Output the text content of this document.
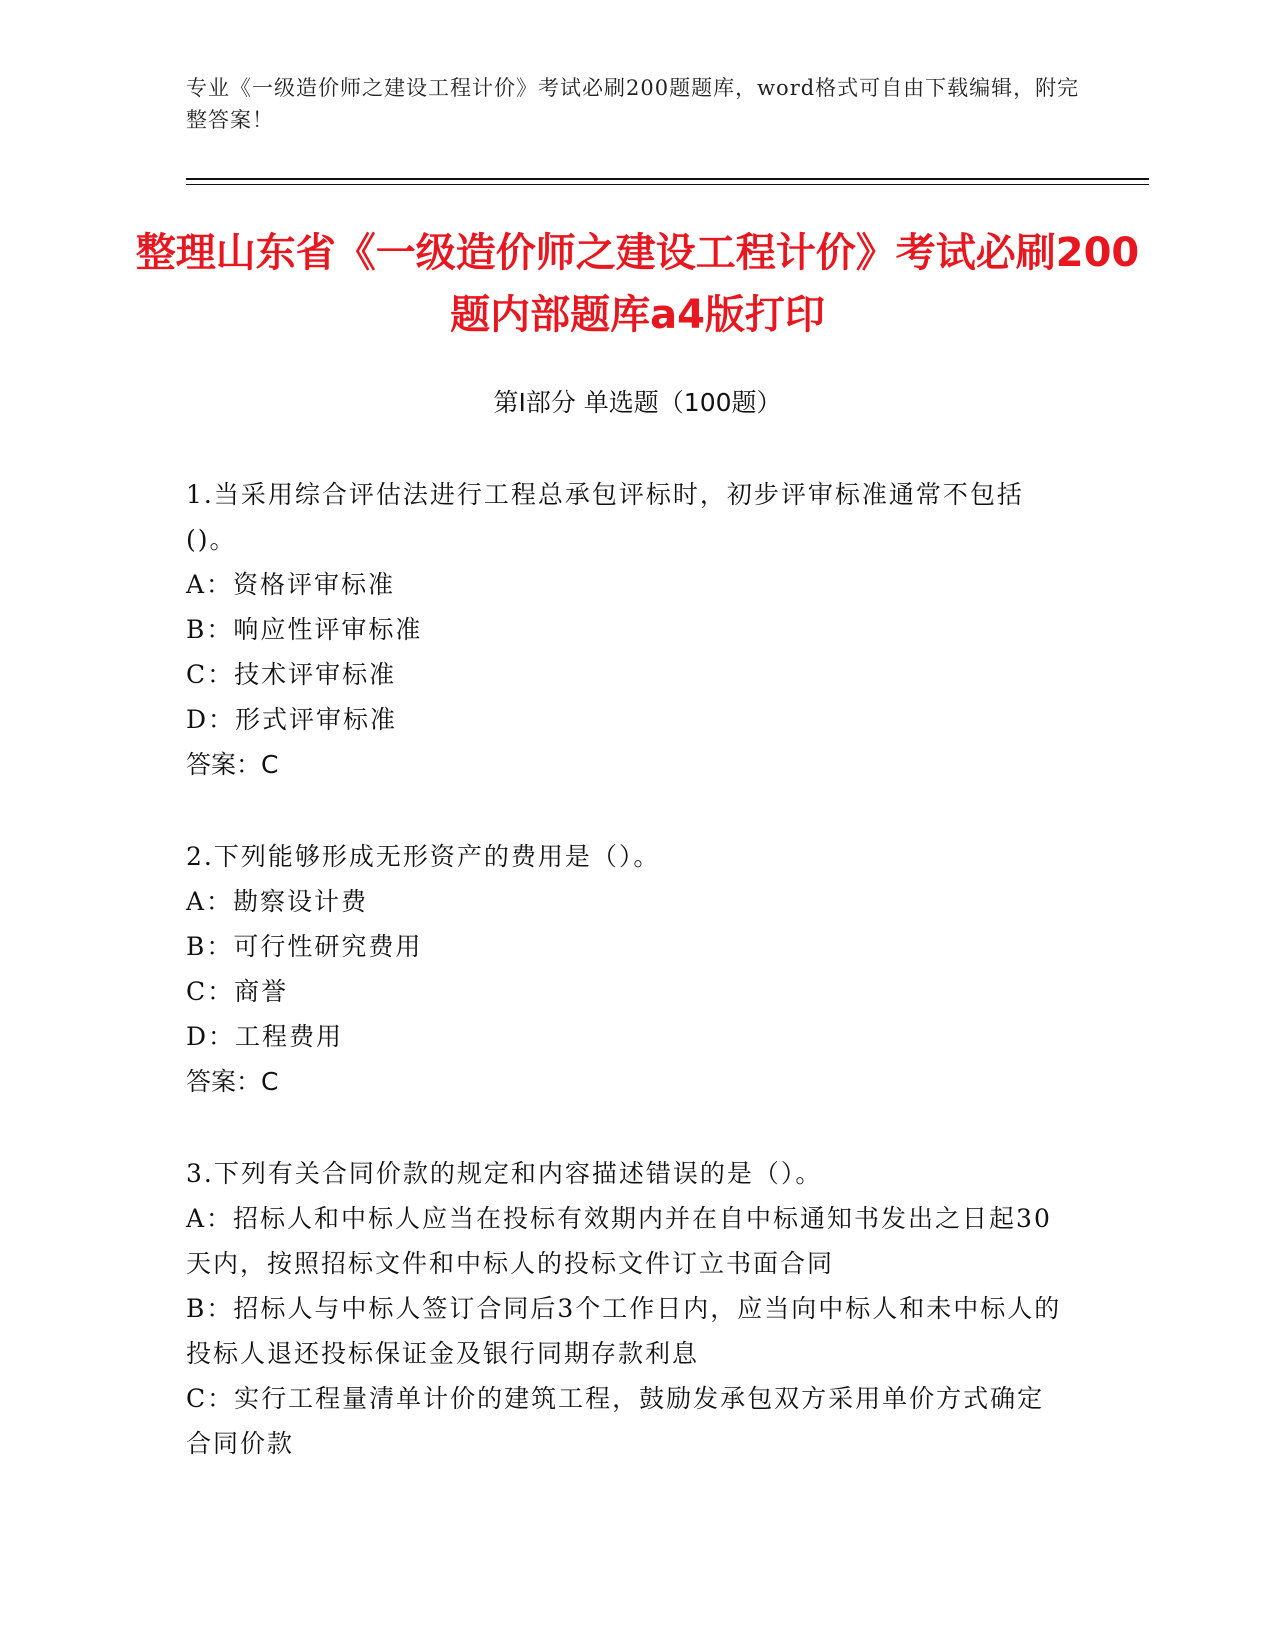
专业《一级造价师之建设工程计价》考试必刷200题题库，word格式可自由下载编辑，附完整答案！
整理山东省《一级造价师之建设工程计价》考试必刷200题内部题库a4版打印
第Ⅰ部分 单选题（100题）

1.当采用综合评估法进行工程总承包评标时，初步评审标准通常不包括()。

A：资格评审标准

B：响应性评审标准

C：技术评审标准

D：形式评审标准

答案：C

2.下列能够形成无形资产的费用是（）。

A：勘察设计费

B：可行性研究费用

C：商誉

D：工程费用

答案：C

3.下列有关合同价款的规定和内容描述错误的是（）。

A：招标人和中标人应当在投标有效期内并在自中标通知书发出之日起30天内，按照招标文件和中标人的投标文件订立书面合同

B：招标人与中标人签订合同后3个工作日内，应当向中标人和未中标人的投标人退还投标保证金及银行同期存款利息

C：实行工程量清单计价的建筑工程，鼓励发承包双方采用单价方式确定合同价款
